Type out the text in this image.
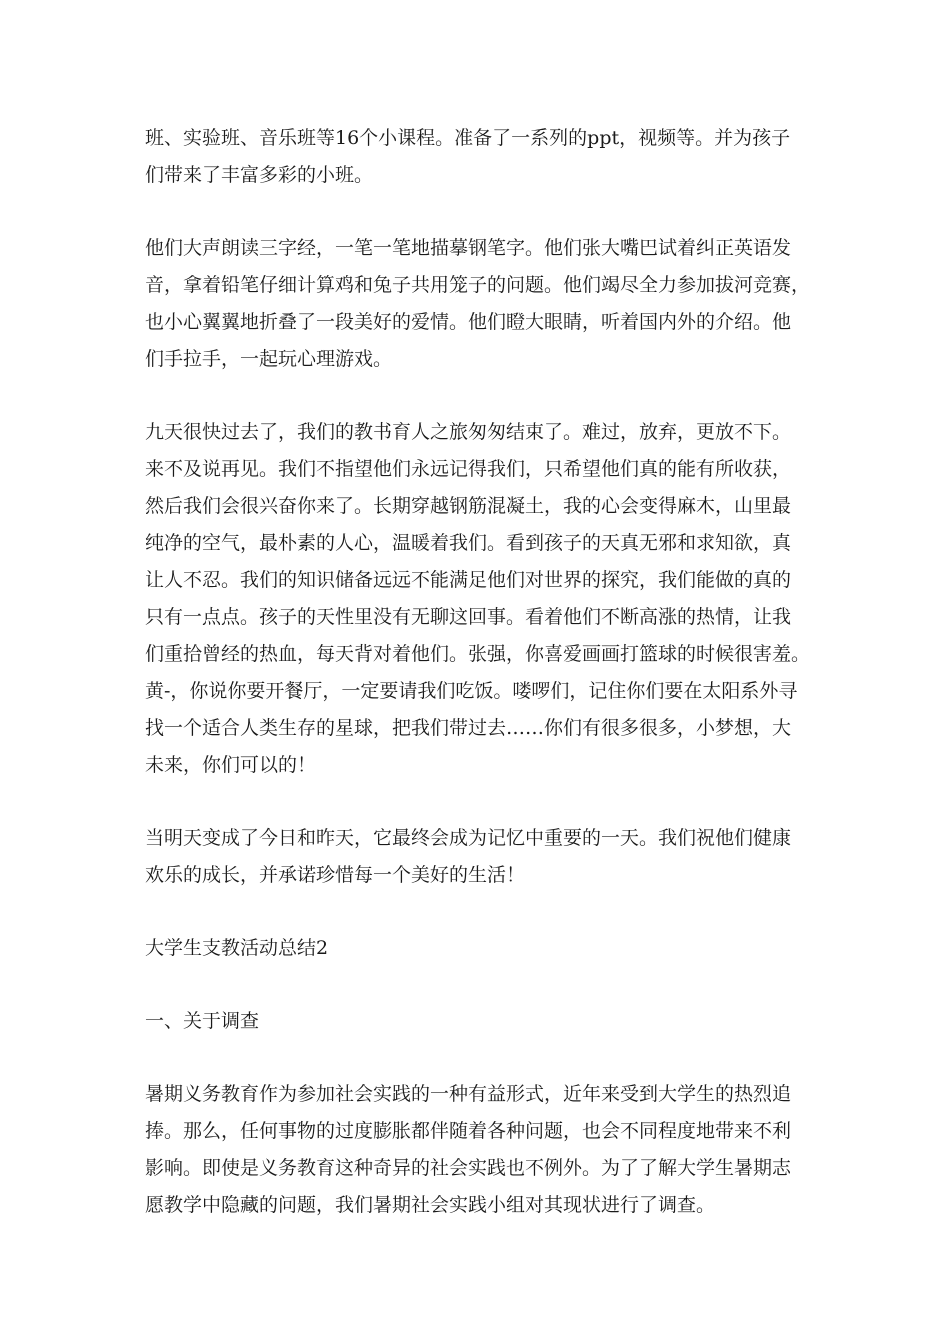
班、实验班、音乐班等16个小课程。准备了一系列的ppt，视频等。并为孩子
们带来了丰富多彩的小班。

他们大声朗读三字经，一笔一笔地描摹钢笔字。他们张大嘴巴试着纠正英语发
音，拿着铅笔仔细计算鸡和兔子共用笼子的问题。他们竭尽全力参加拔河竞赛，
也小心翼翼地折叠了一段美好的爱情。他们瞪大眼睛，听着国内外的介绍。他
们手拉手，一起玩心理游戏。

九天很快过去了，我们的教书育人之旅匆匆结束了。难过，放弃，更放不下。
来不及说再见。我们不指望他们永远记得我们，只希望他们真的能有所收获，
然后我们会很兴奋你来了。长期穿越钢筋混凝土，我的心会变得麻木，山里最
纯净的空气，最朴素的人心，温暖着我们。看到孩子的天真无邪和求知欲，真
让人不忍。我们的知识储备远远不能满足他们对世界的探究，我们能做的真的
只有一点点。孩子的天性里没有无聊这回事。看着他们不断高涨的热情，让我
们重拾曾经的热血，每天背对着他们。张强，你喜爱画画打篮球的时候很害羞。
黄-，你说你要开餐厅，一定要请我们吃饭。喽啰们，记住你们要在太阳系外寻
找一个适合人类生存的星球，把我们带过去……你们有很多很多，小梦想，大
未来，你们可以的！

当明天变成了今日和昨天，它最终会成为记忆中重要的一天。我们祝他们健康
欢乐的成长，并承诺珍惜每一个美好的生活！

大学生支教活动总结2

一、关于调查

暑期义务教育作为参加社会实践的一种有益形式，近年来受到大学生的热烈追
捧。那么，任何事物的过度膨胀都伴随着各种问题，也会不同程度地带来不利
影响。即使是义务教育这种奇异的社会实践也不例外。为了了解大学生暑期志
愿教学中隐藏的问题，我们暑期社会实践小组对其现状进行了调查。
